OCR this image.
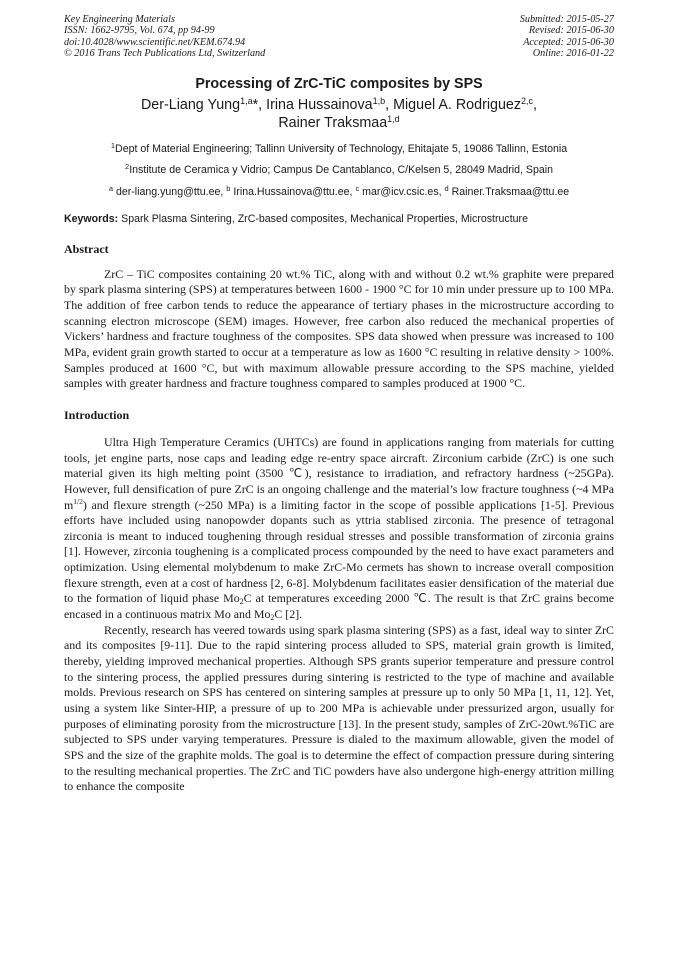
Key Engineering Materials
ISSN: 1662-9795, Vol. 674, pp 94-99
doi:10.4028/www.scientific.net/KEM.674.94
© 2016 Trans Tech Publications Ltd, Switzerland
Submitted: 2015-05-27
Revised: 2015-06-30
Accepted: 2015-06-30
Online: 2016-01-22
Processing of ZrC-TiC composites by SPS
Der-Liang Yung$^{1,a}$*, Irina Hussainova$^{1,b}$, Miguel A. Rodriguez$^{2,c}$,
Rainer Traksmaa$^{1,d}$
$^1$Dept of Material Engineering; Tallinn University of Technology, Ehitajate 5, 19086 Tallinn, Estonia
$^2$Institute de Ceramica y Vidrio; Campus De Cantablanco, C/Kelsen 5, 28049 Madrid, Spain
$^a$ der-liang.yung@ttu.ee, $^b$ Irina.Hussainova@ttu.ee, $^c$ mar@icv.csic.es, $^d$ Rainer.Traksmaa@ttu.ee
Keywords: Spark Plasma Sintering, ZrC-based composites, Mechanical Properties, Microstructure
Abstract

ZrC – TiC composites containing 20 wt.% TiC, along with and without 0.2 wt.% graphite were prepared by spark plasma sintering (SPS) at temperatures between 1600 - 1900 °C for 10 min under pressure up to 100 MPa. The addition of free carbon tends to reduce the appearance of tertiary phases in the microstructure according to scanning electron microscope (SEM) images. However, free carbon also reduced the mechanical properties of Vickers’ hardness and fracture toughness of the composites. SPS data showed when pressure was increased to 100 MPa, evident grain growth started to occur at a temperature as low as 1600 °C resulting in relative density > 100%. Samples produced at 1600 °C, but with maximum allowable pressure according to the SPS machine, yielded samples with greater hardness and fracture toughness compared to samples produced at 1900 °C.

Introduction

Ultra High Temperature Ceramics (UHTCs) are found in applications ranging from materials for cutting tools, jet engine parts, nose caps and leading edge re-entry space aircraft. Zirconium carbide (ZrC) is one such material given its high melting point (3500 ℃), resistance to irradiation, and refractory hardness (~25GPa). However, full densification of pure ZrC is an ongoing challenge and the material’s low fracture toughness (~4 MPa $m^{1/2}$) and flexure strength (~250 MPa) is a limiting factor in the scope of possible applications [1-5]. Previous efforts have included using nanopowder dopants such as yttria stablised zirconia. The presence of tetragonal zirconia is meant to induced toughening through residual stresses and possible transformation of zirconia grains [1]. However, zirconia toughening is a complicated process compounded by the need to have exact parameters and optimization. Using elemental molybdenum to make ZrC-Mo cermets has shown to increase overall composition flexure strength, even at a cost of hardness [2, 6-8]. Molybdenum facilitates easier densification of the material due to the formation of liquid phase $Mo_2C$ at temperatures exceeding 2000 ℃. The result is that ZrC grains become encased in a continuous matrix Mo and $Mo_2C$ [2].

Recently, research has veered towards using spark plasma sintering (SPS) as a fast, ideal way to sinter ZrC and its composites [9-11]. Due to the rapid sintering process alluded to SPS, material grain growth is limited, thereby, yielding improved mechanical properties. Although SPS grants superior temperature and pressure control to the sintering process, the applied pressures during sintering is restricted to the type of machine and available molds. Previous research on SPS has centered on sintering samples at pressure up to only 50 MPa [1, 11, 12]. Yet, using a system like Sinter-HIP, a pressure of up to 200 MPa is achievable under pressurized argon, usually for purposes of eliminating porosity from the microstructure [13]. In the present study, samples of ZrC-20wt.%TiC are subjected to SPS under varying temperatures. Pressure is dialed to the maximum allowable, given the model of SPS and the size of the graphite molds. The goal is to determine the effect of compaction pressure during sintering to the resulting mechanical properties. The ZrC and TiC powders have also undergone high-energy attrition milling to enhance the composite
